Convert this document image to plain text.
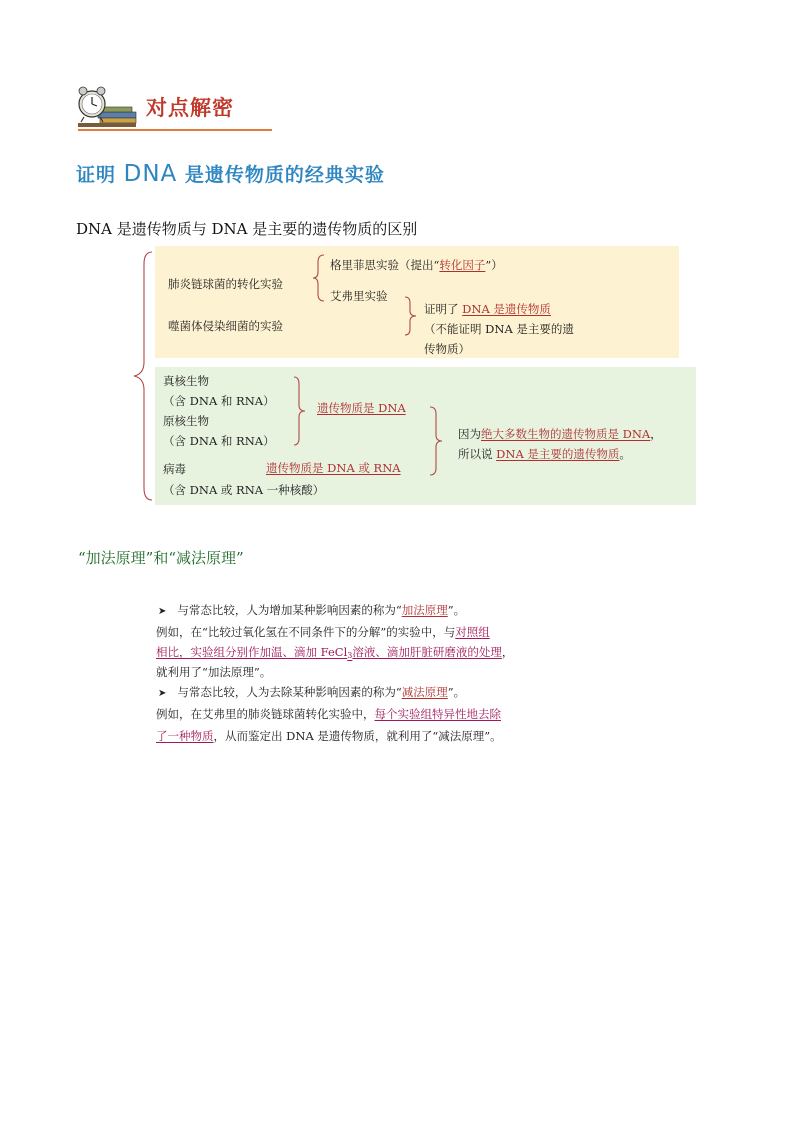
对点解密
证明 DNA 是遗传物质的经典实验
DNA 是遗传物质与 DNA 是主要的遗传物质的区别
肺炎链球菌的转化实验
噬菌体侵染细菌的实验
格里菲思实验（提出“转化因子”）
艾弗里实验
证明了 DNA 是遗传物质
（不能证明 DNA 是主要的遗
传物质）
真核生物
（含 DNA 和 RNA）
原核生物
（含 DNA 和 RNA）
病毒
（含 DNA 或 RNA 一种核酸）
遗传物质是 DNA
遗传物质是 DNA 或 RNA
因为绝大多数生物的遗传物质是 DNA，
所以说 DNA 是主要的遗传物质。
“加法原理”和“减法原理”
➤ 与常态比较，人为增加某种影响因素的称为“加法原理”。
例如，在“比较过氧化氢在不同条件下的分解”的实验中，与对照组
相比，实验组分别作加温、滴加 FeCl3溶液、滴加肝脏研磨液的处理，
就利用了“加法原理”。
➤ 与常态比较，人为去除某种影响因素的称为“减法原理”。
例如，在艾弗里的肺炎链球菌转化实验中，每个实验组特异性地去除
了一种物质，从而鉴定出 DNA 是遗传物质，就利用了“减法原理”。
